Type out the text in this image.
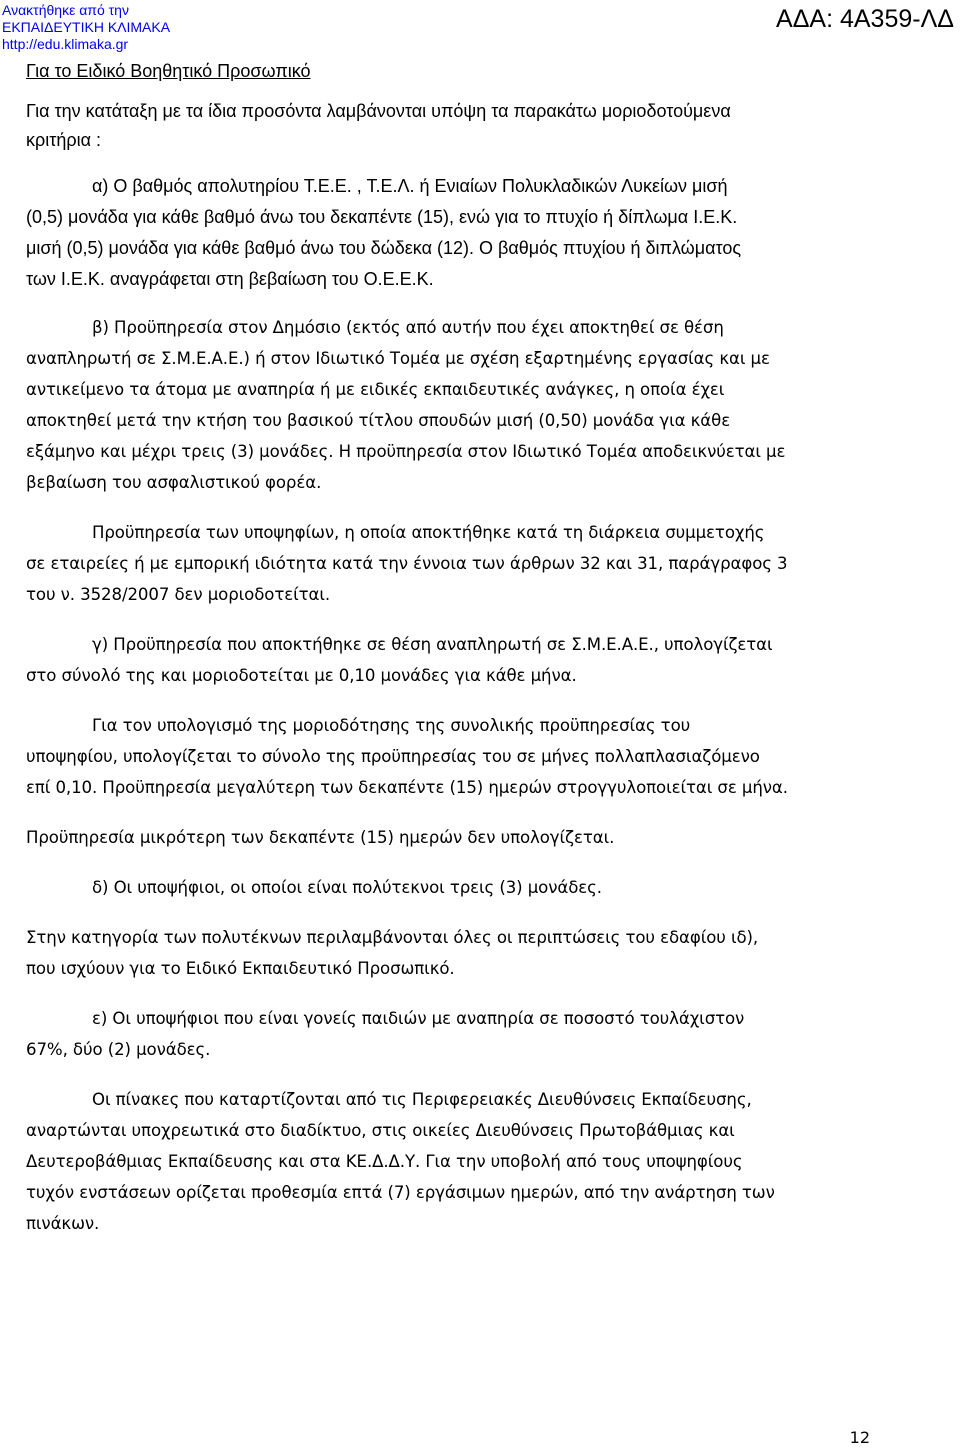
Ανακτήθηκε από την
ΕΚΠΑΙΔΕΥΤΙΚΗ ΚΛΙΜΑΚΑ
http://edu.klimaka.gr
ΑΔΑ: 4Α359-ΛΔ
Για το Ειδικό Βοηθητικό Προσωπικό
Για την κατάταξη με τα ίδια προσόντα λαμβάνονται υπόψη τα παρακάτω μοριοδοτούμενα
κριτήρια :
α) Ο βαθμός απολυτηρίου Τ.Ε.Ε. , Τ.Ε.Λ. ή Ενιαίων Πολυκλαδικών Λυκείων μισή
(0,5) μονάδα για κάθε βαθμό άνω του δεκαπέντε (15), ενώ για το πτυχίο ή δίπλωμα Ι.Ε.Κ.
μισή (0,5) μονάδα για κάθε βαθμό άνω του δώδεκα (12). Ο βαθμός πτυχίου ή διπλώματος
των Ι.Ε.Κ. αναγράφεται στη βεβαίωση του Ο.Ε.Ε.Κ.
β) Προϋπηρεσία στον Δημόσιο (εκτός από αυτήν που έχει αποκτηθεί σε θέση
αναπληρωτή σε Σ.Μ.Ε.Α.Ε.) ή στον Ιδιωτικό Τομέα με σχέση εξαρτημένης εργασίας και με
αντικείμενο τα άτομα με αναπηρία ή με ειδικές εκπαιδευτικές ανάγκες, η οποία έχει
αποκτηθεί μετά την κτήση του βασικού τίτλου σπουδών μισή (0,50) μονάδα για κάθε
εξάμηνο και μέχρι τρεις (3) μονάδες. Η προϋπηρεσία στον Ιδιωτικό Τομέα αποδεικνύεται με
βεβαίωση του ασφαλιστικού φορέα.
Προϋπηρεσία των υποψηφίων, η οποία αποκτήθηκε κατά τη διάρκεια συμμετοχής
σε εταιρείες ή με εμπορική ιδιότητα κατά την έννοια των άρθρων 32 και 31, παράγραφος 3
του ν. 3528/2007 δεν μοριοδοτείται.
γ) Προϋπηρεσία που αποκτήθηκε σε θέση αναπληρωτή σε Σ.Μ.Ε.Α.Ε., υπολογίζεται
στο σύνολό της και μοριοδοτείται με 0,10 μονάδες για κάθε μήνα.
Για τον υπολογισμό της μοριοδότησης της συνολικής προϋπηρεσίας του
υποψηφίου, υπολογίζεται το σύνολο της προϋπηρεσίας του σε μήνες πολλαπλασιαζόμενο
επί 0,10. Προϋπηρεσία μεγαλύτερη των δεκαπέντε (15) ημερών στρογγυλοποιείται σε μήνα.
Προϋπηρεσία μικρότερη των δεκαπέντε (15) ημερών δεν υπολογίζεται.
δ) Οι υποψήφιοι, οι οποίοι είναι πολύτεκνοι τρεις (3) μονάδες.
Στην κατηγορία των πολυτέκνων περιλαμβάνονται όλες οι περιπτώσεις του εδαφίου ιδ),
που ισχύουν για το Ειδικό Εκπαιδευτικό Προσωπικό.
ε) Οι υποψήφιοι που είναι γονείς παιδιών με αναπηρία σε ποσοστό τουλάχιστον
67%, δύο (2) μονάδες.
Οι πίνακες που καταρτίζονται από τις Περιφερειακές Διευθύνσεις Εκπαίδευσης,
αναρτώνται υποχρεωτικά στο διαδίκτυο, στις οικείες Διευθύνσεις Πρωτοβάθμιας και
Δευτεροβάθμιας Εκπαίδευσης και στα ΚΕ.Δ.Δ.Υ. Για την υποβολή από τους υποψηφίους
τυχόν ενστάσεων ορίζεται προθεσμία επτά (7) εργάσιμων ημερών, από την ανάρτηση των
πινάκων.
12
